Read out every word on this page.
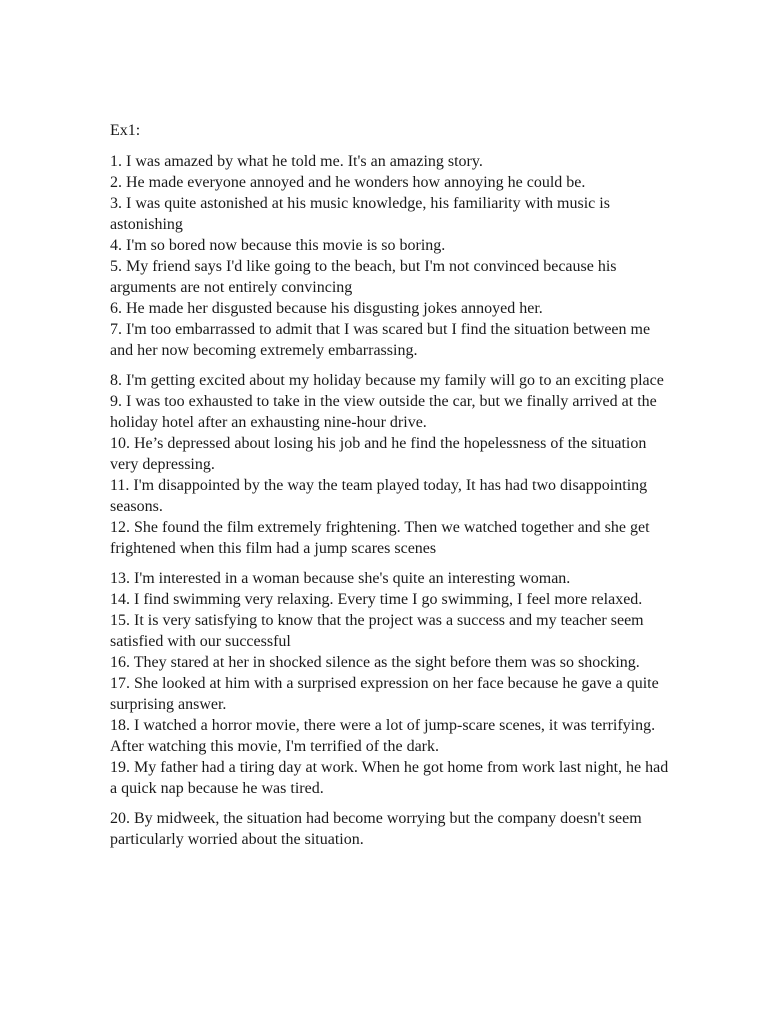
Ex1:

1. I was amazed by what he told me. It's an amazing story.

2. He made everyone annoyed and he wonders how annoying he could be.

3. I was quite astonished at his music knowledge, his familiarity with music is astonishing

4. I'm so bored now because this movie is so boring.

5. My friend says I'd like going to the beach, but I'm not convinced because his arguments are not entirely convincing

6. He made her disgusted because his disgusting jokes annoyed her.

7. I'm too embarrassed to admit that I was scared but I find the situation between me and her now becoming extremely embarrassing.

8. I'm getting excited about my holiday because my family will go to an exciting place

9. I was too exhausted to take in the view outside the car, but we finally arrived at the holiday hotel after an exhausting nine-hour drive.

10. He’s depressed about losing his job and he find the hopelessness of the situation very depressing.

11. I'm disappointed by the way the team played today, It has had two disappointing seasons.

12. She found the film extremely frightening. Then we watched together and she get frightened when this film had a jump scares scenes

13. I'm interested in a woman because she's quite an interesting woman.

14. I find swimming very relaxing. Every time I go swimming, I feel more relaxed.

15. It is very satisfying to know that the project was a success and my teacher seem satisfied with our successful

16. They stared at her in shocked silence as the sight before them was so shocking.

17. She looked at him with a surprised expression on her face because he gave a quite surprising answer.

18. I watched a horror movie, there were a lot of jump-scare scenes, it was terrifying. After watching this movie, I'm terrified of the dark.

19. My father had a tiring day at work. When he got home from work last night, he had a quick nap because he was tired.

20. By midweek, the situation had become worrying but the company doesn't seem particularly worried about the situation.
